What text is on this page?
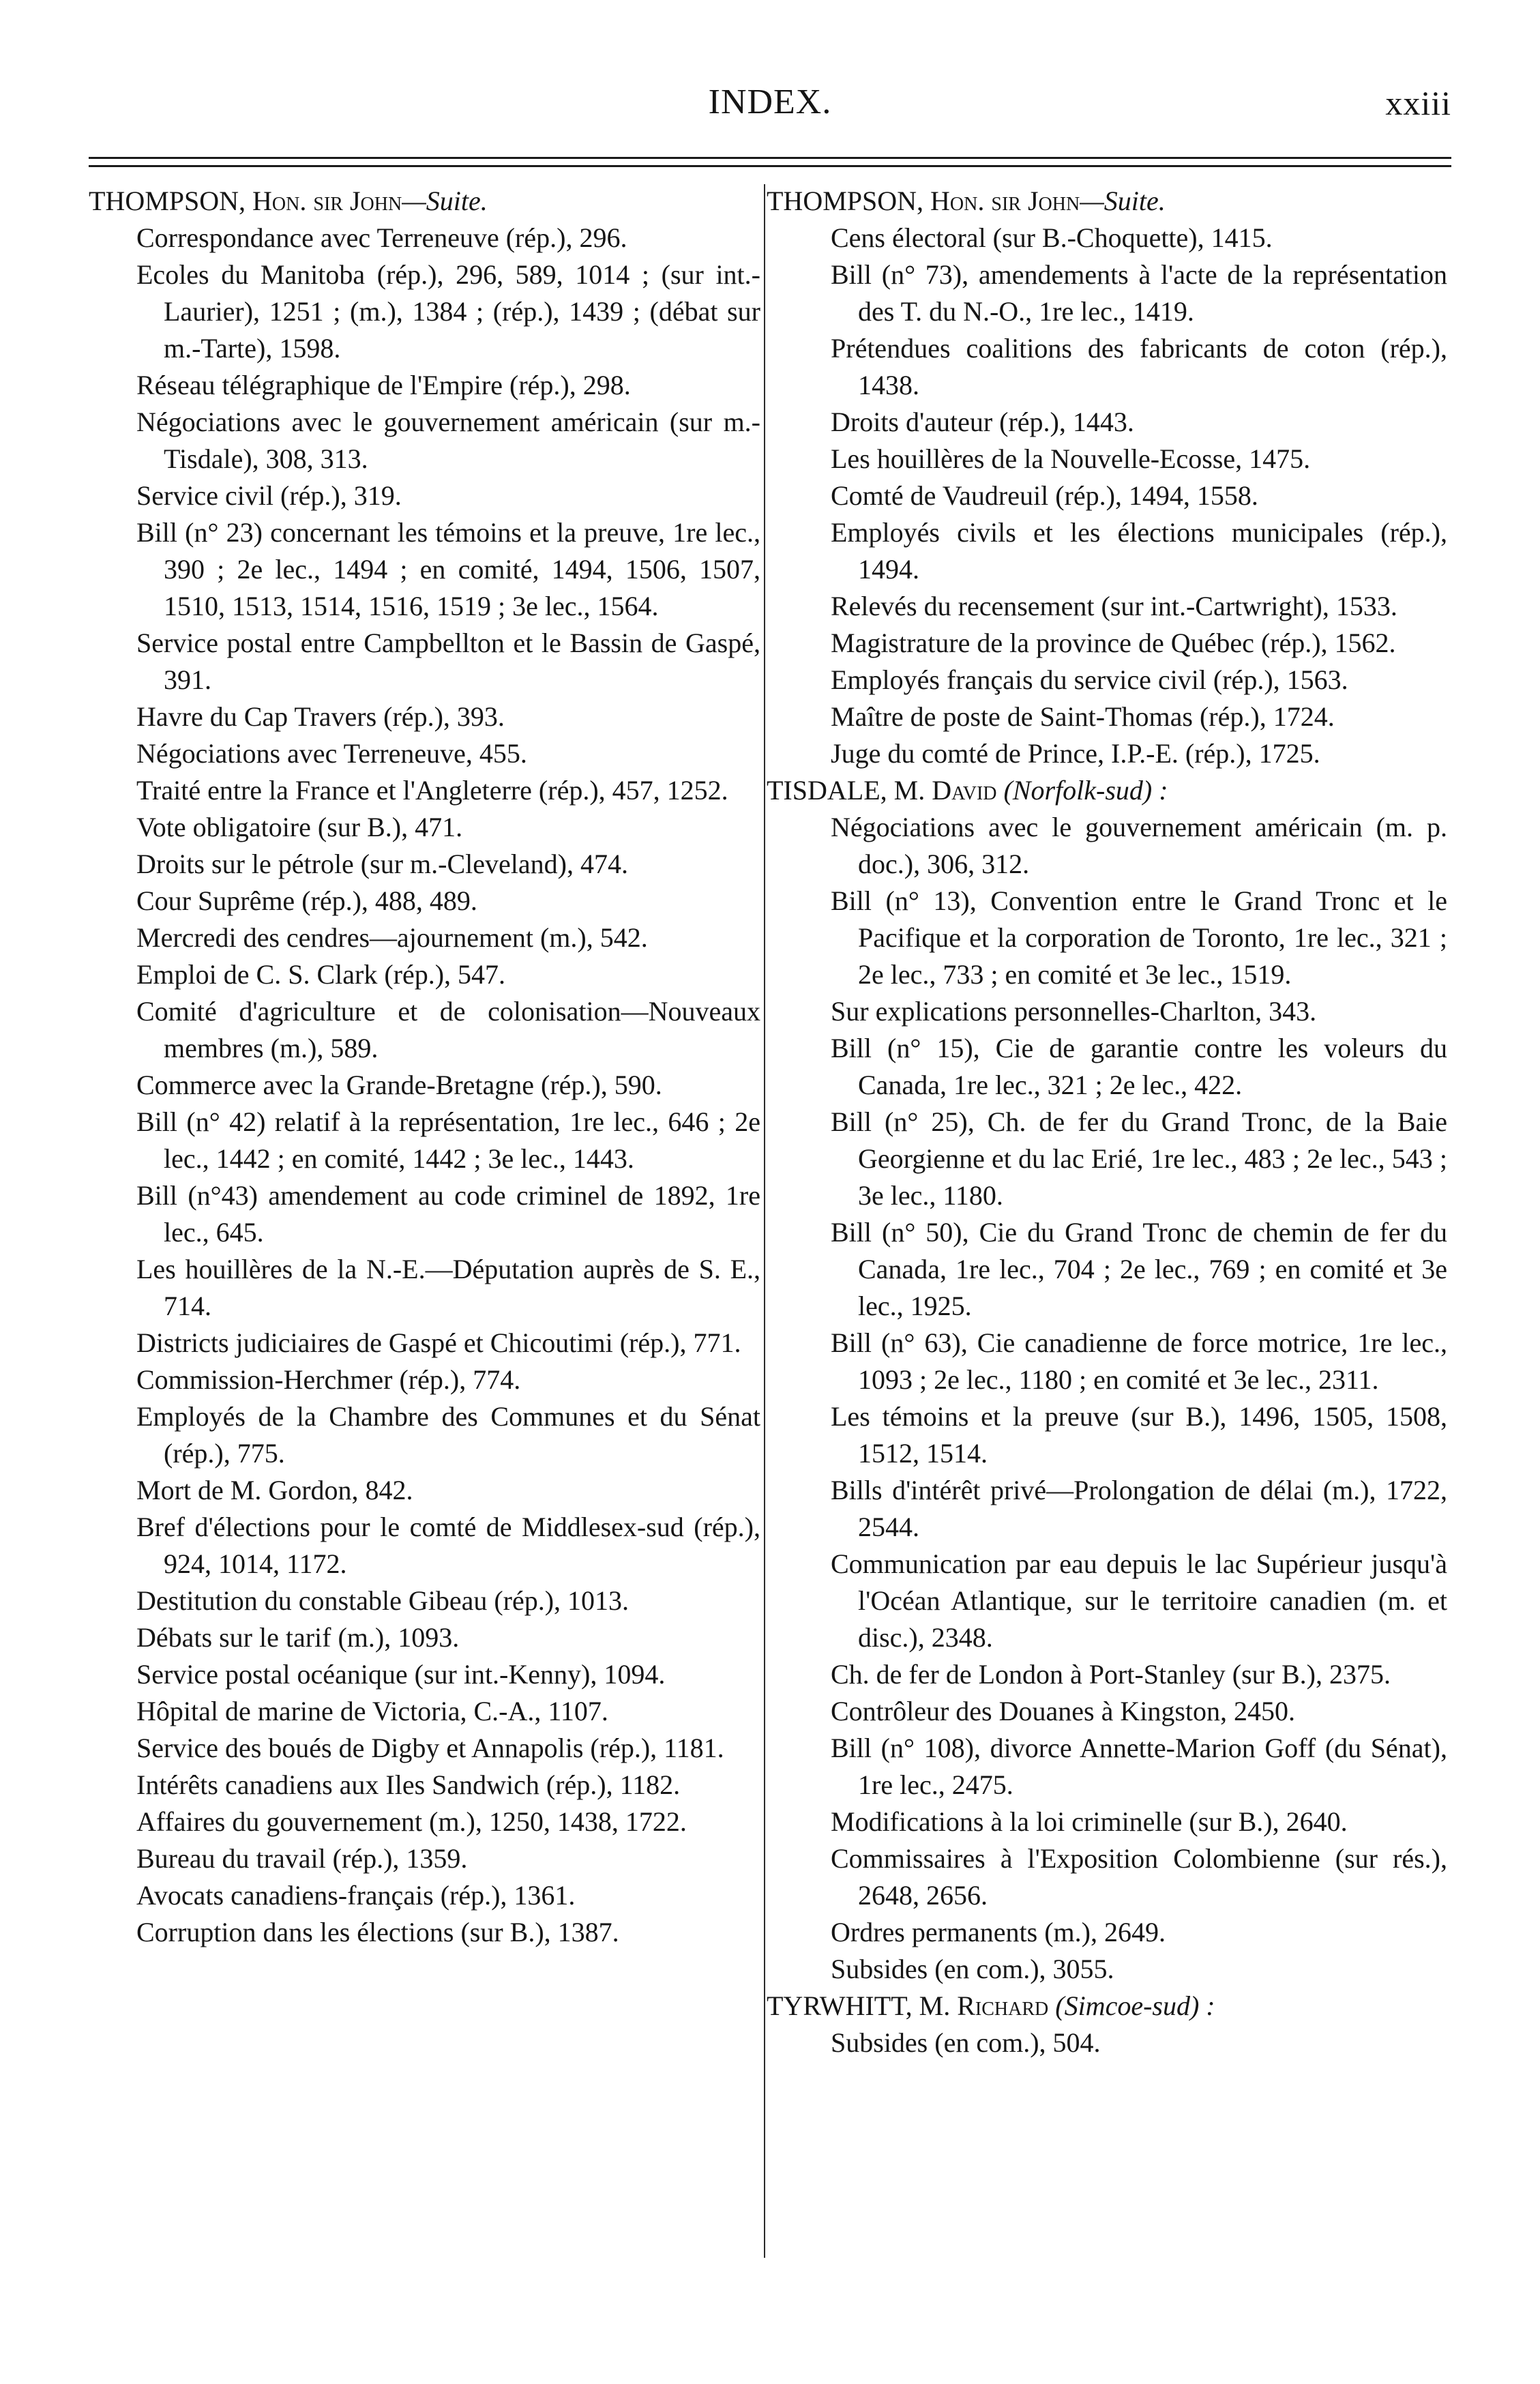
INDEX.	xxiii
THOMPSON, Hon. sir John—Suite.
Correspondance avec Terreneuve (rép.), 296.
Ecoles du Manitoba (rép.), 296, 589, 1014 ; (sur int.-Laurier), 1251 ; (m.), 1384 ; (rép.), 1439 ; (débat sur m.-Tarte), 1598.
Réseau télégraphique de l'Empire (rép.), 298.
Négociations avec le gouvernement américain (sur m.-Tisdale), 308, 313.
Service civil (rép.), 319.
Bill (n° 23) concernant les témoins et la preuve, 1re lec., 390 ; 2e lec., 1494 ; en comité, 1494, 1506, 1507, 1510, 1513, 1514, 1516, 1519 ; 3e lec., 1564.
Service postal entre Campbellton et le Bassin de Gaspé, 391.
Havre du Cap Travers (rép.), 393.
Négociations avec Terreneuve, 455.
Traité entre la France et l'Angleterre (rép.), 457, 1252.
Vote obligatoire (sur B.), 471.
Droits sur le pétrole (sur m.-Cleveland), 474.
Cour Suprême (rép.), 488, 489.
Mercredi des cendres—ajournement (m.), 542.
Emploi de C. S. Clark (rép.), 547.
Comité d'agriculture et de colonisation—Nouveaux membres (m.), 589.
Commerce avec la Grande-Bretagne (rép.), 590.
Bill (n° 42) relatif à la représentation, 1re lec., 646 ; 2e lec., 1442 ; en comité, 1442 ; 3e lec., 1443.
Bill (n°43) amendement au code criminel de 1892, 1re lec., 645.
Les houillères de la N.-E.—Députation auprès de S. E., 714.
Districts judiciaires de Gaspé et Chicoutimi (rép.), 771.
Commission-Herchmer (rép.), 774.
Employés de la Chambre des Communes et du Sénat (rép.), 775.
Mort de M. Gordon, 842.
Bref d'élections pour le comté de Middlesex-sud (rép.), 924, 1014, 1172.
Destitution du constable Gibeau (rép.), 1013.
Débats sur le tarif (m.), 1093.
Service postal océanique (sur int.-Kenny), 1094.
Hôpital de marine de Victoria, C.-A., 1107.
Service des boués de Digby et Annapolis (rép.), 1181.
Intérêts canadiens aux Iles Sandwich (rép.), 1182.
Affaires du gouvernement (m.), 1250, 1438, 1722.
Bureau du travail (rép.), 1359.
Avocats canadiens-français (rép.), 1361.
Corruption dans les élections (sur B.), 1387.
THOMPSON, Hon. sir John—Suite.
Cens électoral (sur B.-Choquette), 1415.
Bill (n° 73), amendements à l'acte de la représentation des T. du N.-O., 1re lec., 1419.
Prétendues coalitions des fabricants de coton (rép.), 1438.
Droits d'auteur (rép.), 1443.
Les houillères de la Nouvelle-Ecosse, 1475.
Comté de Vaudreuil (rép.), 1494, 1558.
Employés civils et les élections municipales (rép.), 1494.
Relevés du recensement (sur int.-Cartwright), 1533.
Magistrature de la province de Québec (rép.), 1562.
Employés français du service civil (rép.), 1563.
Maître de poste de Saint-Thomas (rép.), 1724.
Juge du comté de Prince, I.P.-E. (rép.), 1725.
TISDALE, M. David (Norfolk-sud) :
Négociations avec le gouvernement américain (m. p. doc.), 306, 312.
Bill (n° 13), Convention entre le Grand Tronc et le Pacifique et la corporation de Toronto, 1re lec., 321 ; 2e lec., 733 ; en comité et 3e lec., 1519.
Sur explications personnelles-Charlton, 343.
Bill (n° 15), Cie de garantie contre les voleurs du Canada, 1re lec., 321 ; 2e lec., 422.
Bill (n° 25), Ch. de fer du Grand Tronc, de la Baie Georgienne et du lac Erié, 1re lec., 483 ; 2e lec., 543 ; 3e lec., 1180.
Bill (n° 50), Cie du Grand Tronc de chemin de fer du Canada, 1re lec., 704 ; 2e lec., 769 ; en comité et 3e lec., 1925.
Bill (n° 63), Cie canadienne de force motrice, 1re lec., 1093 ; 2e lec., 1180 ; en comité et 3e lec., 2311.
Les témoins et la preuve (sur B.), 1496, 1505, 1508, 1512, 1514.
Bills d'intérêt privé—Prolongation de délai (m.), 1722, 2544.
Communication par eau depuis le lac Supérieur jusqu'à l'Océan Atlantique, sur le territoire canadien (m. et disc.), 2348.
Ch. de fer de London à Port-Stanley (sur B.), 2375.
Contrôleur des Douanes à Kingston, 2450.
Bill (n° 108), divorce Annette-Marion Goff (du Sénat), 1re lec., 2475.
Modifications à la loi criminelle (sur B.), 2640.
Commissaires à l'Exposition Colombienne (sur rés.), 2648, 2656.
Ordres permanents (m.), 2649.
Subsides (en com.), 3055.
TYRWHITT, M. Richard (Simcoe-sud) :
Subsides (en com.), 504.
